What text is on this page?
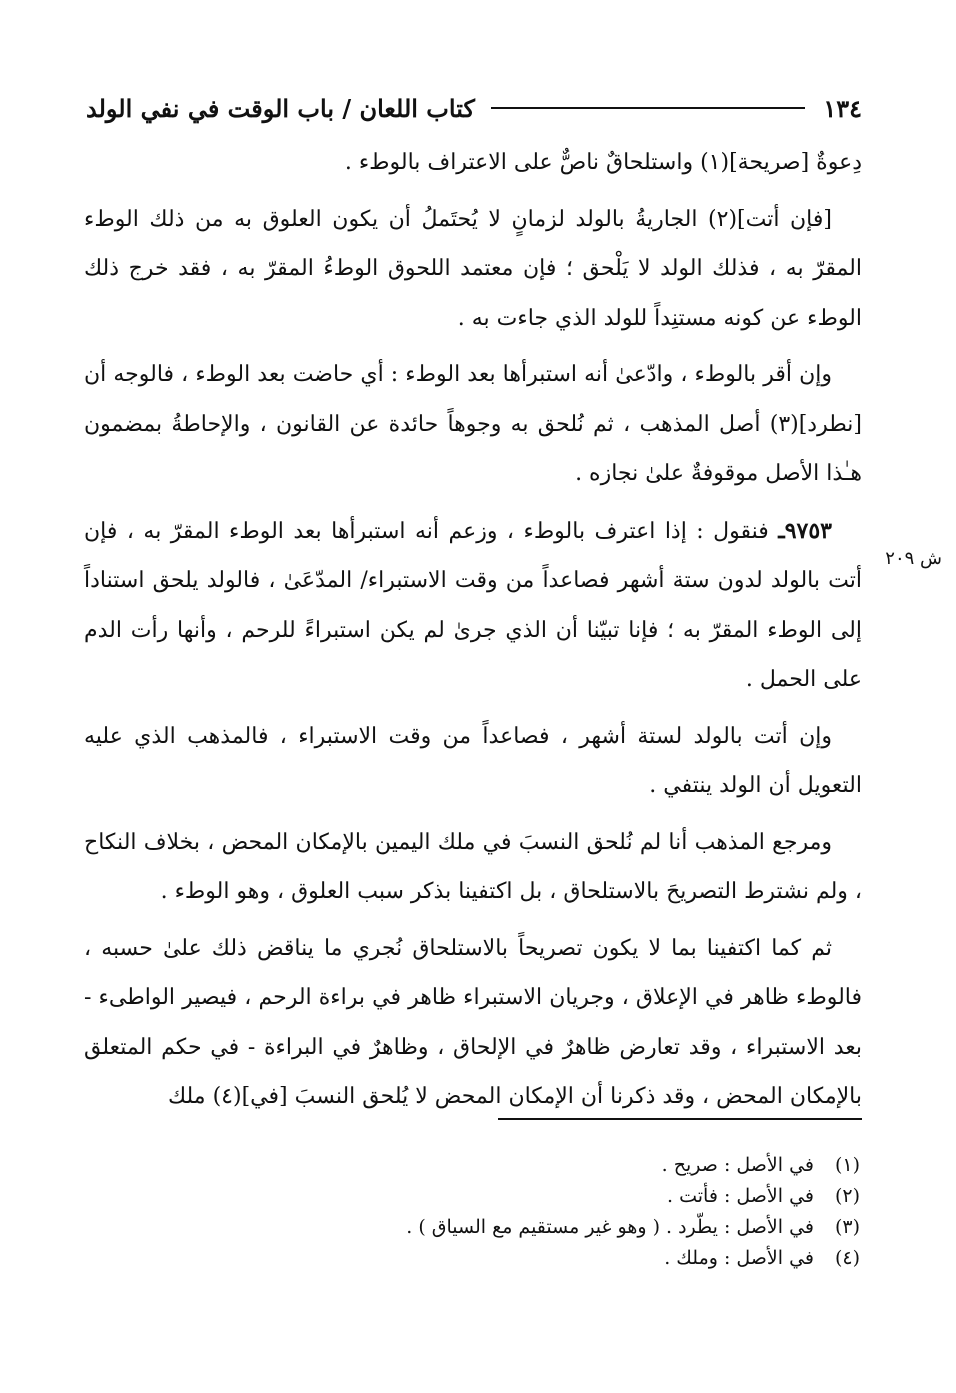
١٣٤
كتاب اللعان / باب الوقت في نفي الولد

دِعوةٌ [صريحة](١) واستلحاقٌ ناصٌّ على الاعتراف بالوطء .

[فإن أتت](٢) الجاريةُ بالولد لزمانٍ لا يُحتَملُ أن يكون العلوق به من ذلك الوطء المقرّ به ، فذلك الولد لا يَلْحق ؛ فإن معتمد اللحوق الوطءُ المقرّ به ، فقد خرج ذلك الوطء عن كونه مستنِداً للولد الذي جاءت به .

وإن أقر بالوطء ، وادّعىٰ أنه استبرأها بعد الوطء : أي حاضت بعد الوطء ، فالوجه أن [نطرد](٣) أصل المذهب ، ثم نُلحق به وجوهاً حائدة عن القانون ، والإحاطةُ بمضمون هـٰذا الأصل موقوفةٌ علىٰ نجازه .

٩٧٥٣ـ فنقول : إذا اعترف بالوطء ، وزعم أنه استبرأها بعد الوطء المقرّ به ، فإن أتت بالولد لدون ستة أشهر فصاعداً من وقت الاستبراء/ المدّعَىٰ ، فالولد يلحق استناداً إلى الوطء المقرّ به ؛ فإنا تبيّنا أن الذي جرىٰ لم يكن استبراءً للرحم ، وأنها رأت الدم على الحمل .

وإن أتت بالولد لستة أشهر ، فصاعداً من وقت الاستبراء ، فالمذهب الذي عليه التعويل أن الولد ينتفي .

ومرجع المذهب أنا لم نُلحق النسبَ في ملك اليمين بالإمكان المحض ، بخلاف النكاح ، ولم نشترط التصريحَ بالاستلحاق ، بل اكتفينا بذكر سبب العلوق ، وهو الوطء .

ثم كما اكتفينا بما لا يكون تصريحاً بالاستلحاق نُجري ما يناقض ذلك علىٰ حسبه ، فالوطء ظاهر في الإعلاق ، وجريان الاستبراء ظاهر في براءة الرحم ، فيصير الواطىء - بعد الاستبراء ، وقد تعارض ظاهرٌ في الإلحاق ، وظاهرٌ في البراءة - في حكم المتعلق بالإمكان المحض ، وقد ذكرنا أن الإمكان المحض لا يُلحق النسبَ [في](٤) ملك

ش ٢٠٩
(١)
في الأصل : صريح .
(٢)
في الأصل : فأتت .
(٣)
في الأصل : يطّرد . ( وهو غير مستقيم مع السياق ) .
(٤)
في الأصل : وملك .
